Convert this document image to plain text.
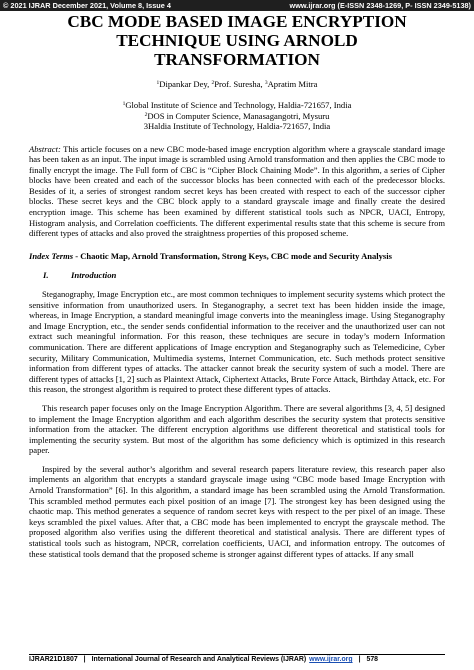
© 2021 IJRAR December 2021, Volume 8, Issue 4	www.ijrar.org (E-ISSN 2348-1269, P- ISSN 2349-5138)
CBC MODE BASED IMAGE ENCRYPTION
TECHNIQUE USING ARNOLD
TRANSFORMATION
$^1$Dipankar Dey, $^2$Prof. Suresha, $^3$Apratim Mitra
$^1$Global Institute of Science and Technology, Haldia-721657, India
$^2$DOS in Computer Science, Manasagangotri, Mysuru
3Haldia Institute of Technology, Haldia-721657, India

Abstract: This article focuses on a new CBC mode-based image encryption algorithm where a grayscale standard image has been taken as an input. The input image is scrambled using Arnold transformation and then applies the CBC mode to finally encrypt the image. The Full form of CBC is “Cipher Block Chaining Mode”. In this algorithm, a series of Cipher blocks have been created and each of the successor blocks has been connected with each of the predecessor blocks. Besides of it, a series of strongest random secret keys has been created with respect to each of the successor cipher blocks. These secret keys and the CBC block apply to a standard grayscale image and finally create the desired encryption image. This scheme has been examined by different statistical tools such as NPCR, UACI, Entropy, Histogram analysis, and Correlation coefficients. The different experimental results state that this scheme is secure from different types of attacks and also proved the straightness properties of this proposed scheme.

Index Terms - Chaotic Map, Arnold Transformation, Strong Keys, CBC mode and Security Analysis

I.	Introduction

Steganography, Image Encryption etc., are most common techniques to implement security systems which protect the sensitive information from unauthorized users. In Steganography, a secret text has been hidden inside the image, whereas, in Image Encryption, a standard meaningful image converts into the meaningless image. Using Steganography and Image Encryption, etc., the sender sends confidential information to the receiver and the unauthorized user can not extract such meaningful information. For this reason, these techniques are secure in today’s modern Information communication. There are different applications of Image encryption and Steganography such as Telemedicine, Cyber security, Military Communication, Multimedia systems, Internet Communication, etc. Such methods protect sensitive information from different types of attacks. The attacker cannot break the security system of such a model. There are different types of attacks [1, 2] such as Plaintext Attack, Ciphertext Attacks, Brute Force Attack, Birthday Attack, etc. For this reason, the strongest algorithm is required to protect these different types of attacks.

This research paper focuses only on the Image Encryption Algorithm. There are several algorithms [3, 4, 5] designed to implement the Image Encryption algorithm and each algorithm describes the security system that protects sensitive information from the attacker. The different encryption algorithms use different theoretical and statistical tools for implementing the security system. But most of the algorithm has some deficiency which is optimized in this research paper.

Inspired by the several author’s algorithm and several research papers literature review, this research paper also implements an algorithm that encrypts a standard grayscale image using “CBC mode based Image Encryption with Arnold Transformation” [6]. In this algorithm, a standard image has been scrambled using the Arnold Transformation. This scrambled method permutes each pixel position of an image [7]. The strongest key has been designed using the chaotic map. This method generates a sequence of random secret keys with respect to the per pixel of an image. These keys scrambled the pixel values. After that, a CBC mode has been implemented to encrypt the grayscale method. The proposed algorithm also verifies using the different theoretical and statistical analysis. There are different types of statistical tools such as histogram, NPCR, correlation coefficients, UACI, and information entropy. The outcomes of these statistical tools demand that the proposed scheme is stronger against different types of attacks. If any small

IJRAR21D1807 | International Journal of Research and Analytical Reviews (IJRAR) www.ijrar.org | 578
